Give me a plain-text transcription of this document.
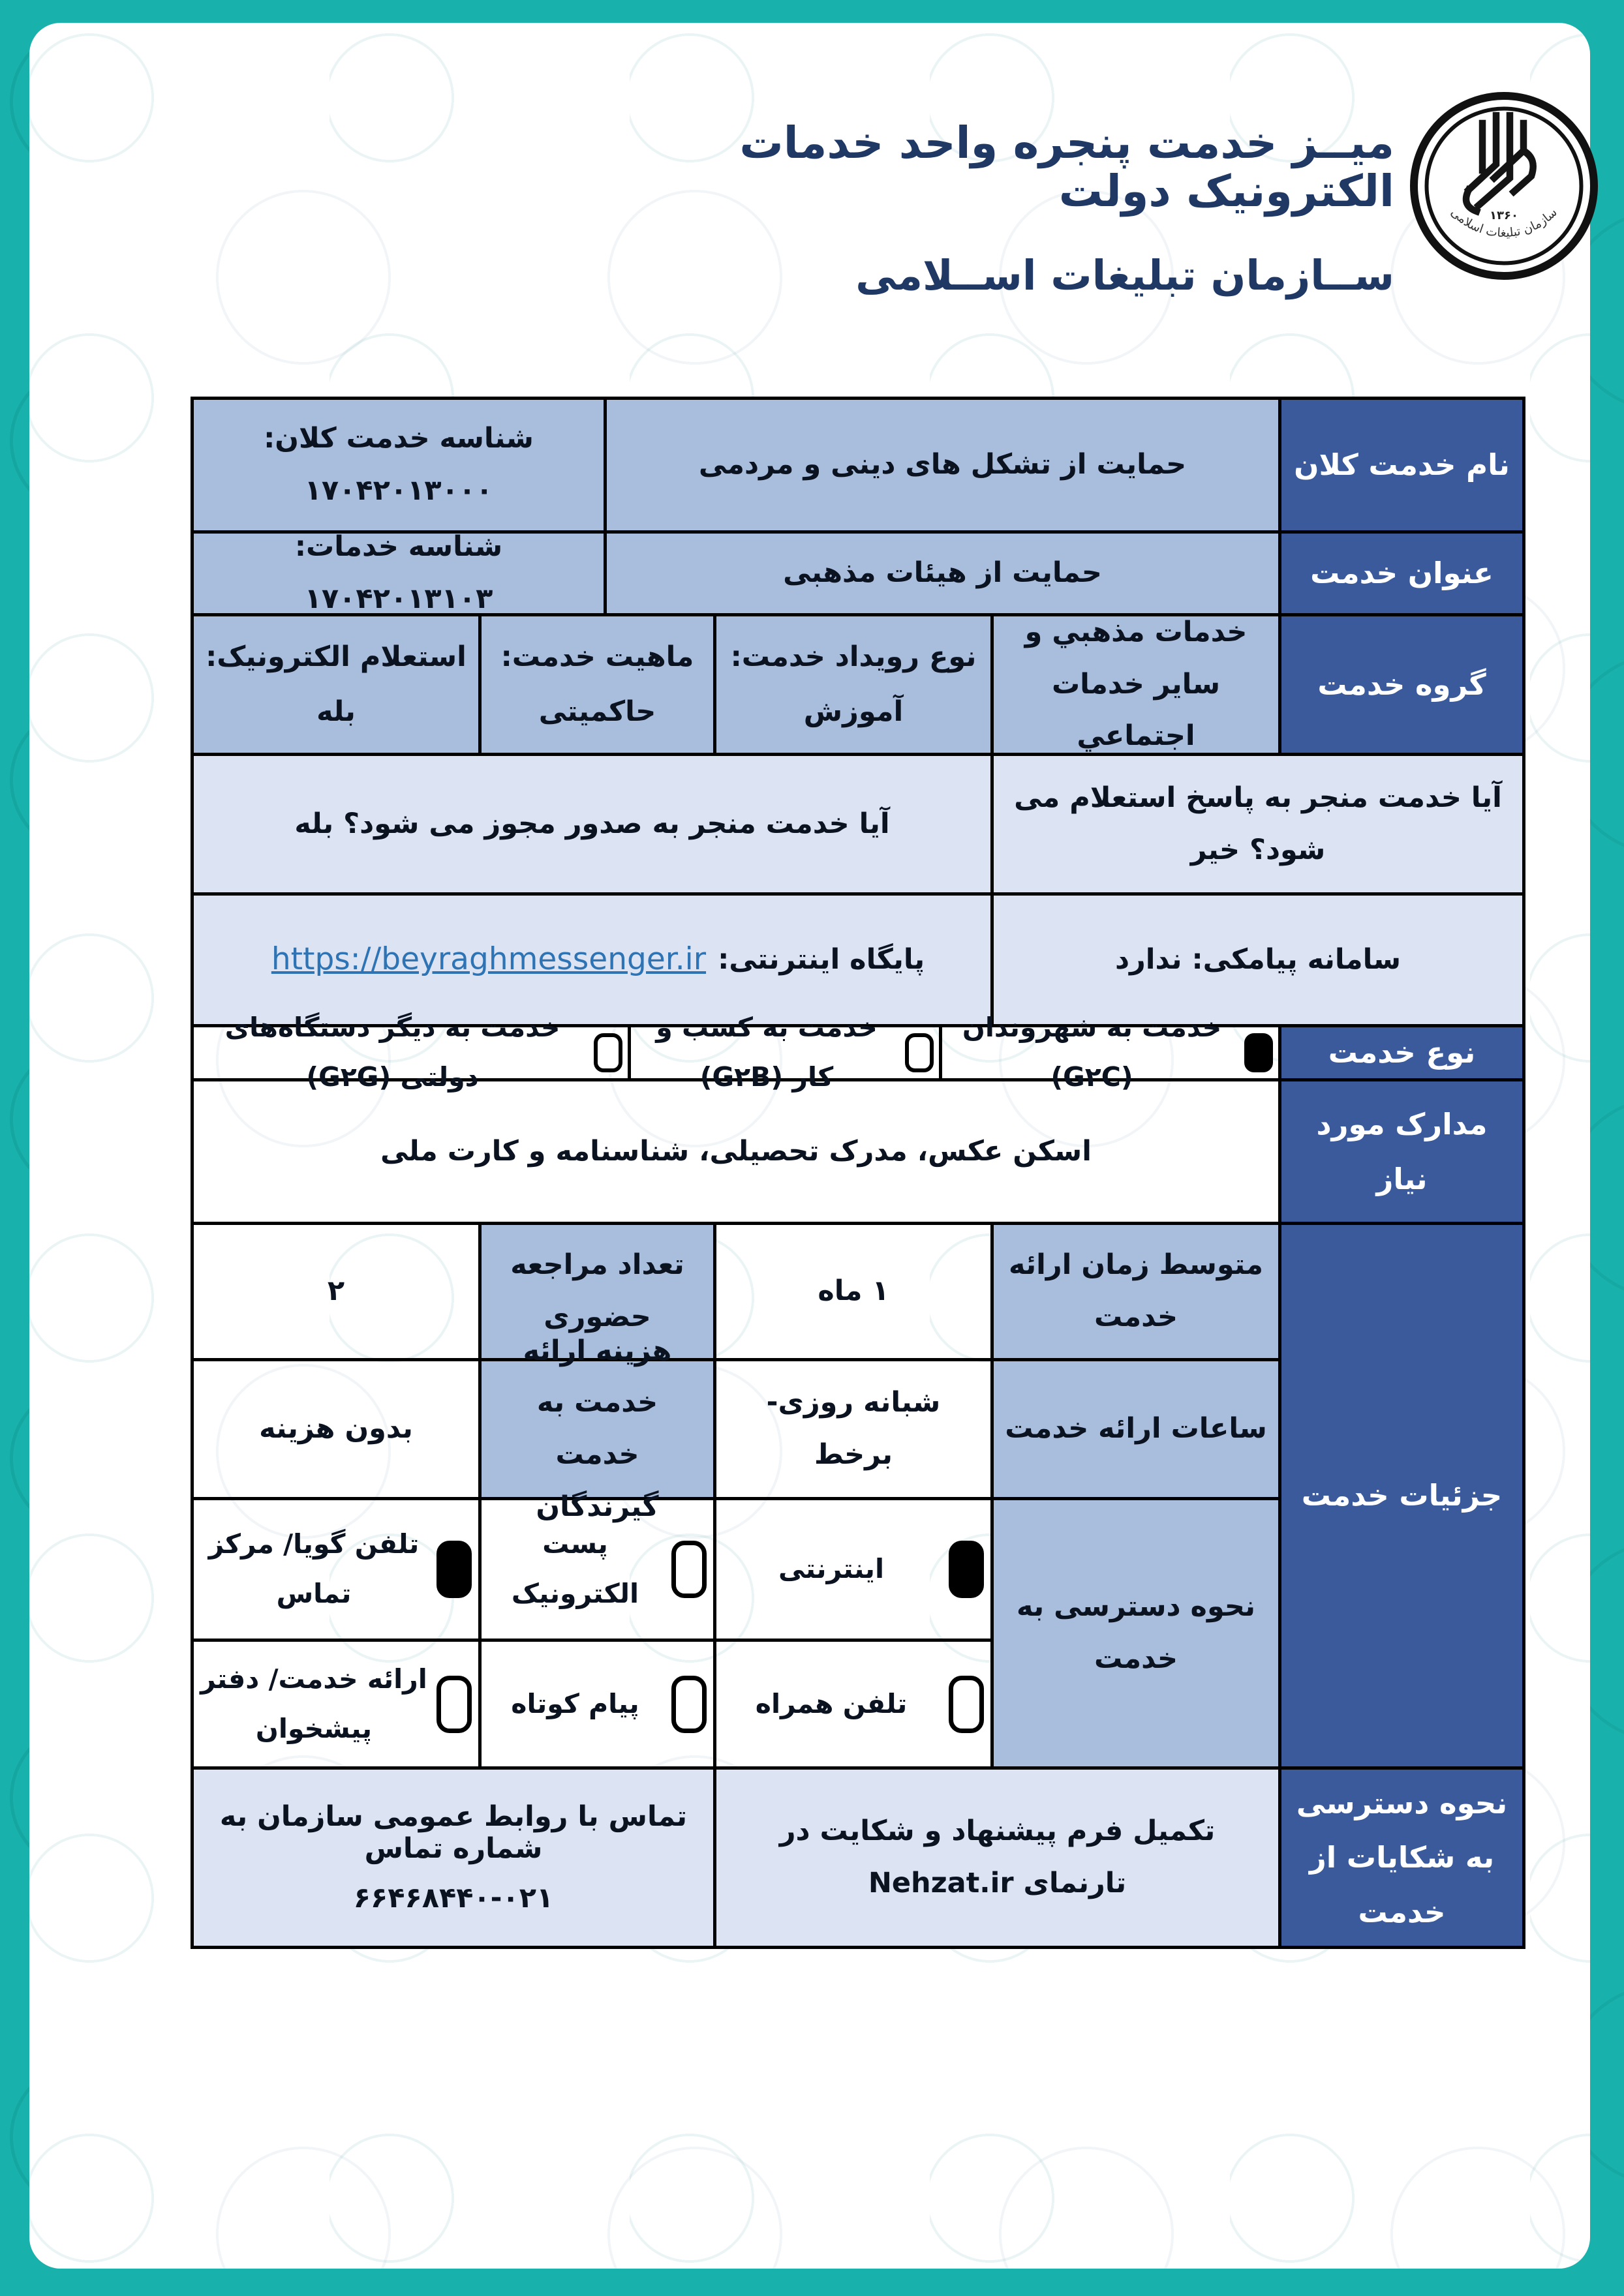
میــز خدمت پنجره واحد خدمات الکترونیک دولت
ســازمان تبلیغات اســلامی
۱۳۶۰
سازمان تبلیغات اسلامی
نام خدمت کلان
حمایت از تشکل های دینی و مردمی
شناسه خدمت کلان: ۱۷۰۴۲۰۱۳۰۰۰
عنوان خدمت
حمایت از هیئات مذهبی
شناسه خدمات: ۱۷۰۴۲۰۱۳۱۰۳
گروه خدمت
خدمات مذهبي و سایر خدمات اجتماعي
نوع رویداد خدمت:
آموزش
ماهیت خدمت:
حاکمیتی
استعلام الکترونیک:
بله
آیا خدمت منجر به پاسخ استعلام می شود؟ خیر
آیا خدمت منجر به صدور مجوز می شود؟ بله
سامانه پیامکی: ندارد
پایگاه اینترنتی:
https://beyraghmessenger.ir
نوع خدمت
خدمت به شهروندان (G۲C)
خدمت به کسب و کار (G۲B)
خدمت به دیگر دستگاه‌های دولتی (G۲G)
مدارک مورد نیاز
اسکن عکس، مدرک تحصیلی، شناسنامه و کارت ملی
جزئیات خدمت
متوسط زمان ارائه خدمت
۱ ماه
تعداد مراجعه حضوری
۲
ساعات ارائه خدمت
شبانه روزی- برخط
هزینه ارائه خدمت به خدمت گیرندگان
بدون هزینه
نحوه دسترسی به خدمت
اینترنتی
پست الکترونیک
تلفن گویا/ مرکز تماس
تلفن همراه
پیام کوتاه
ارائه خدمت/ دفتر پیشخوان
نحوه دسترسی به شکایات از خدمت
تکمیل فرم پیشنهاد و شکایت در تارنمای Nehzat.ir
تماس با روابط عمومی سازمان به شماره تماس
۶۶۴۶۸۴۴۰-۰۲۱
